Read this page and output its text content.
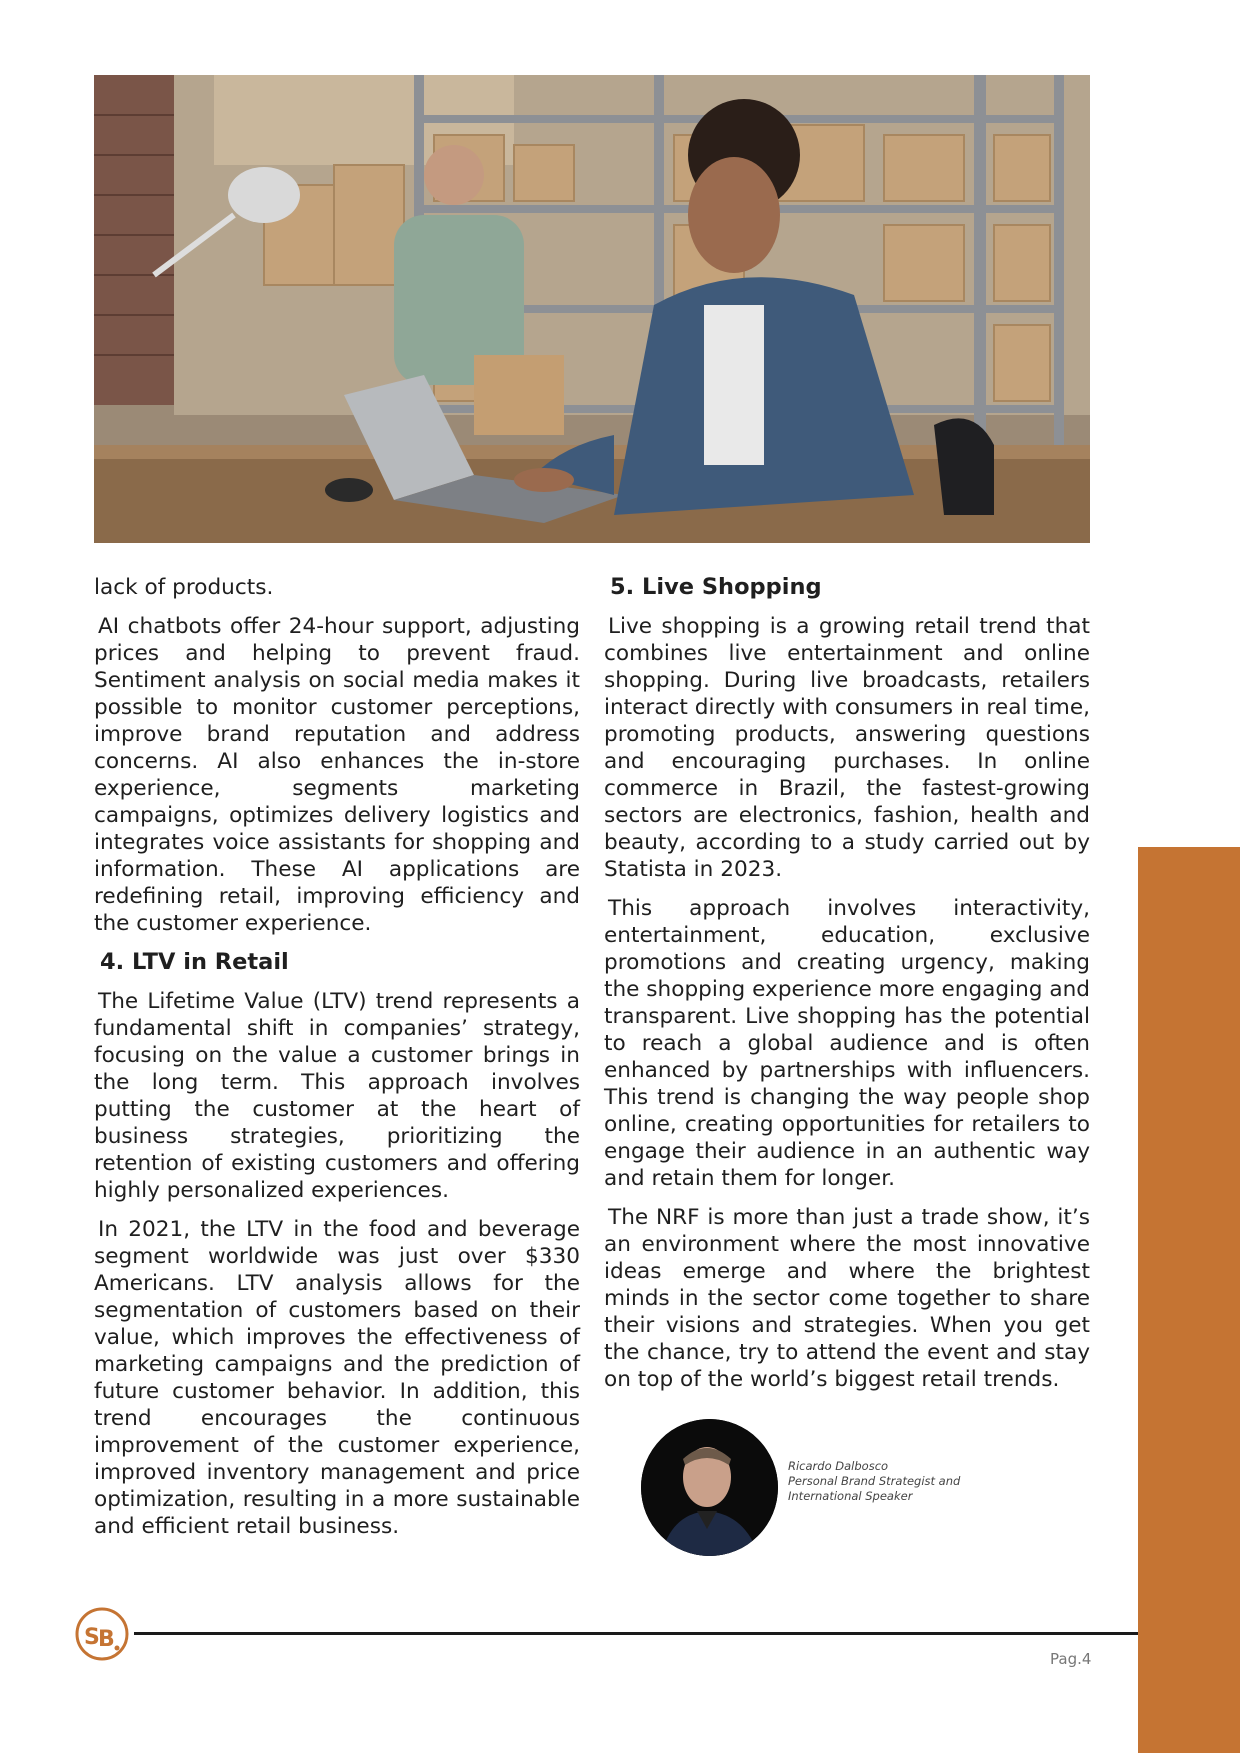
lack of products.

AI chatbots offer 24-hour support, adjusting prices and helping to prevent fraud. Sentiment analysis on social media makes it possible to monitor customer perceptions, improve brand reputation and address concerns. AI also enhances the in-store experience, segments marketing campaigns, optimizes delivery logistics and integrates voice assistants for shopping and information. These AI applications are redefining retail, improving efficiency and the customer experience.

4. LTV in Retail

The Lifetime Value (LTV) trend represents a fundamental shift in companies’ strategy, focusing on the value a customer brings in the long term. This approach involves putting the customer at the heart of business strategies, prioritizing the retention of existing customers and offering highly personalized experiences.

In 2021, the LTV in the food and beverage segment worldwide was just over $330 Americans. LTV analysis allows for the segmentation of customers based on their value, which improves the effectiveness of marketing campaigns and the prediction of future customer behavior. In addition, this trend encourages the continuous improvement of the customer experience, improved inventory management and price optimization, resulting in a more sustainable and efficient retail business.

5. Live Shopping

Live shopping is a growing retail trend that combines live entertainment and online shopping. During live broadcasts, retailers interact directly with consumers in real time, promoting products, answering questions and encouraging purchases. In online commerce in Brazil, the fastest-growing sectors are electronics, fashion, health and beauty, according to a study carried out by Statista in 2023.

This approach involves interactivity, entertainment, education, exclusive promotions and creating urgency, making the shopping experience more engaging and transparent. Live shopping has the potential to reach a global audience and is often enhanced by partnerships with influencers. This trend is changing the way people shop online, creating opportunities for retailers to engage their audience in an authentic way and retain them for longer.

The NRF is more than just a trade show, it’s an environment where the most innovative ideas emerge and where the brightest minds in the sector come together to share their visions and strategies. When you get the chance, try to attend the event and stay on top of the world’s biggest retail trends.

Ricardo Dalbosco
Personal Brand Strategist and
International Speaker
S
B
Pag.4
